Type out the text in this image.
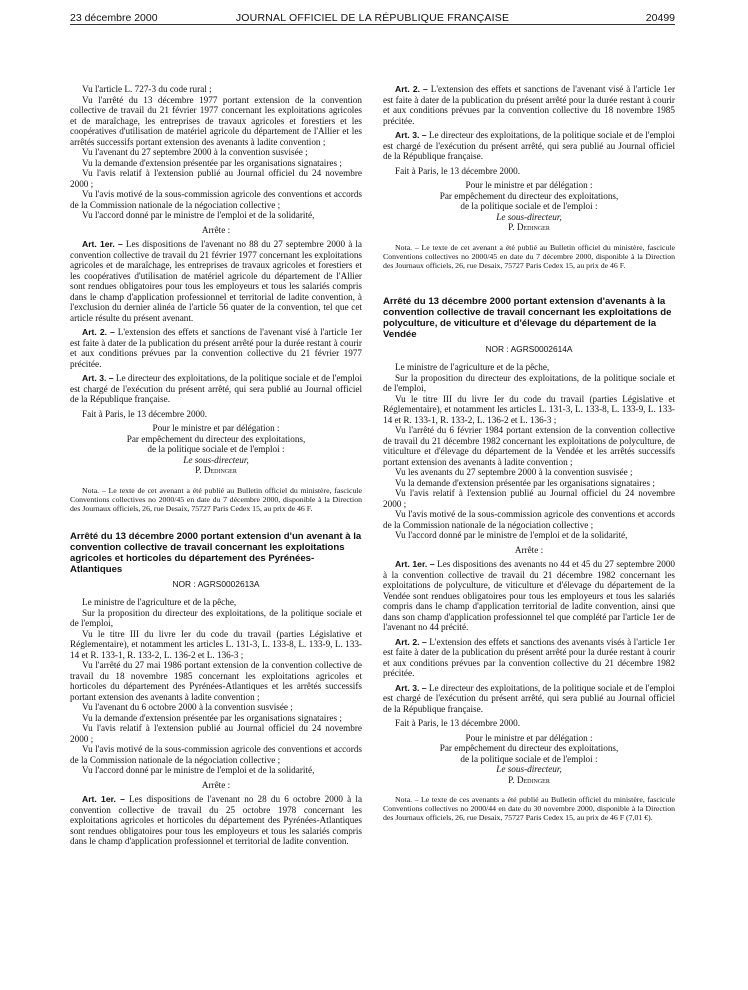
23 décembre 2000	JOURNAL OFFICIEL DE LA RÉPUBLIQUE FRANÇAISE	20499

Vu l'article L. 727-3 du code rural ;

Vu l'arrêté du 13 décembre 1977 portant extension de la convention collective de travail du 21 février 1977 concernant les exploitations agricoles et de maraîchage, les entreprises de travaux agricoles et forestiers et les coopératives d'utilisation de matériel agricole du département de l'Allier et les arrêtés successifs portant extension des avenants à ladite convention ;

Vu l'avenant du 27 septembre 2000 à la convention susvisée ;

Vu la demande d'extension présentée par les organisations signataires ;

Vu l'avis relatif à l'extension publié au Journal officiel du 24 novembre 2000 ;

Vu l'avis motivé de la sous-commission agricole des conventions et accords de la Commission nationale de la négociation collective ;

Vu l'accord donné par le ministre de l'emploi et de la solidarité,

Arrête :

Art. 1er. – Les dispositions de l'avenant no 88 du 27 septembre 2000 à la convention collective de travail du 21 février 1977 concernant les exploitations agricoles et de maraîchage, les entreprises de travaux agricoles et forestiers et les coopératives d'utilisation de matériel agricole du département de l'Allier sont rendues obligatoires pour tous les employeurs et tous les salariés compris dans le champ d'application professionnel et territorial de ladite convention, à l'exclusion du dernier alinéa de l'article 56 quater de la convention, tel que cet article résulte du présent avenant.

Art. 2. – L'extension des effets et sanctions de l'avenant visé à l'article 1er est faite à dater de la publication du présent arrêté pour la durée restant à courir et aux conditions prévues par la convention collective du 21 février 1977 précitée.

Art. 3. – Le directeur des exploitations, de la politique sociale et de l'emploi est chargé de l'exécution du présent arrêté, qui sera publié au Journal officiel de la République française.

Fait à Paris, le 13 décembre 2000.

Pour le ministre et par délégation :

Par empêchement du directeur des exploitations,

de la politique sociale et de l'emploi :

Le sous-directeur,

P. Dedinger

Nota. – Le texte de cet avenant a été publié au Bulletin officiel du ministère, fascicule Conventions collectives no 2000/45 en date du 7 décembre 2000, disponible à la Direction des Journaux officiels, 26, rue Desaix, 75727 Paris Cedex 15, au prix de 46 F.

Arrêté du 13 décembre 2000 portant extension d'un avenant à la convention collective de travail concernant les exploitations agricoles et horticoles du département des Pyrénées-Atlantiques

NOR : AGRS0002613A

Le ministre de l'agriculture et de la pêche,

Sur la proposition du directeur des exploitations, de la politique sociale et de l'emploi,

Vu le titre III du livre Ier du code du travail (parties Législative et Réglementaire), et notamment les articles L. 131-3, L. 133-8, L. 133-9, L. 133-14 et R. 133-1, R. 133-2, L. 136-2 et L. 136-3 ;

Vu l'arrêté du 27 mai 1986 portant extension de la convention collective de travail du 18 novembre 1985 concernant les exploitations agricoles et horticoles du département des Pyrénées-Atlantiques et les arrêtés successifs portant extension des avenants à ladite convention ;

Vu l'avenant du 6 octobre 2000 à la convention susvisée ;

Vu la demande d'extension présentée par les organisations signataires ;

Vu l'avis relatif à l'extension publié au Journal officiel du 24 novembre 2000 ;

Vu l'avis motivé de la sous-commission agricole des conventions et accords de la Commission nationale de la négociation collective ;

Vu l'accord donné par le ministre de l'emploi et de la solidarité,

Arrête :

Art. 1er. – Les dispositions de l'avenant no 28 du 6 octobre 2000 à la convention collective de travail du 25 octobre 1978 concernant les exploitations agricoles et horticoles du département des Pyrénées-Atlantiques sont rendues obligatoires pour tous les employeurs et tous les salariés compris dans le champ d'application professionnel et territorial de ladite convention.

Art. 2. – L'extension des effets et sanctions de l'avenant visé à l'article 1er est faite à dater de la publication du présent arrêté pour la durée restant à courir et aux conditions prévues par la convention collective du 18 novembre 1985 précitée.

Art. 3. – Le directeur des exploitations, de la politique sociale et de l'emploi est chargé de l'exécution du présent arrêté, qui sera publié au Journal officiel de la République française.

Fait à Paris, le 13 décembre 2000.

Pour le ministre et par délégation :

Par empêchement du directeur des exploitations,

de la politique sociale et de l'emploi :

Le sous-directeur,

P. Dedinger

Nota. – Le texte de cet avenant a été publié au Bulletin officiel du ministère, fascicule Conventions collectives no 2000/45 en date du 7 décembre 2000, disponible à la Direction des Journaux officiels, 26, rue Desaix, 75727 Paris Cedex 15, au prix de 46 F.

Arrêté du 13 décembre 2000 portant extension d'avenants à la convention collective de travail concernant les exploitations de polyculture, de viticulture et d'élevage du département de la Vendée

NOR : AGRS0002614A

Le ministre de l'agriculture et de la pêche,

Sur la proposition du directeur des exploitations, de la politique sociale et de l'emploi,

Vu le titre III du livre Ier du code du travail (parties Législative et Réglementaire), et notamment les articles L. 131-3, L. 133-8, L. 133-9, L. 133-14 et R. 133-1, R. 133-2, L. 136-2 et L. 136-3 ;

Vu l'arrêté du 6 février 1984 portant extension de la convention collective de travail du 21 décembre 1982 concernant les exploitations de polyculture, de viticulture et d'élevage du département de la Vendée et les arrêtés successifs portant extension des avenants à ladite convention ;

Vu les avenants du 27 septembre 2000 à la convention susvisée ;

Vu la demande d'extension présentée par les organisations signataires ;

Vu l'avis relatif à l'extension publié au Journal officiel du 24 novembre 2000 ;

Vu l'avis motivé de la sous-commission agricole des conventions et accords de la Commission nationale de la négociation collective ;

Vu l'accord donné par le ministre de l'emploi et de la solidarité,

Arrête :

Art. 1er. – Les dispositions des avenants no 44 et 45 du 27 septembre 2000 à la convention collective de travail du 21 décembre 1982 concernant les exploitations de polyculture, de viticulture et d'élevage du département de la Vendée sont rendues obligatoires pour tous les employeurs et tous les salariés compris dans le champ d'application territorial de ladite convention, ainsi que dans son champ d'application professionnel tel que complété par l'article 1er de l'avenant no 44 précité.

Art. 2. – L'extension des effets et sanctions des avenants visés à l'article 1er est faite à dater de la publication du présent arrêté pour la durée restant à courir et aux conditions prévues par la convention collective du 21 décembre 1982 précitée.

Art. 3. – Le directeur des exploitations, de la politique sociale et de l'emploi est chargé de l'exécution du présent arrêté, qui sera publié au Journal officiel de la République française.

Fait à Paris, le 13 décembre 2000.

Pour le ministre et par délégation :

Par empêchement du directeur des exploitations,

de la politique sociale et de l'emploi :

Le sous-directeur,

P. Dedinger

Nota. – Le texte de ces avenants a été publié au Bulletin officiel du ministère, fascicule Conventions collectives no 2000/44 en date du 30 novembre 2000, disponible à la Direction des Journaux officiels, 26, rue Desaix, 75727 Paris Cedex 15, au prix de 46 F (7,01 €).
